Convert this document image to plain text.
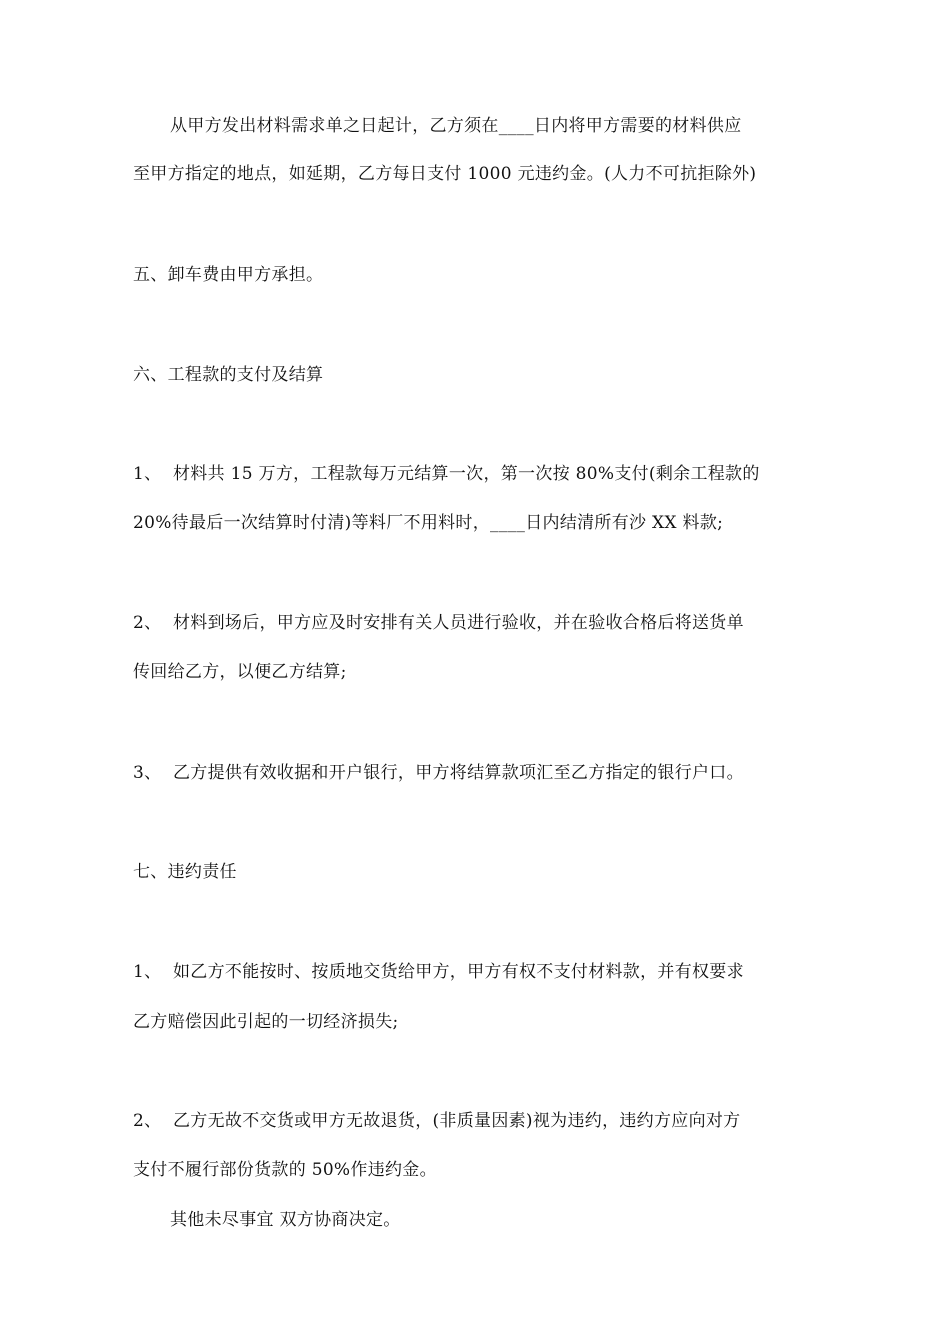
从甲方发出材料需求单之日起计，乙方须在____日内将甲方需要的材料供应
至甲方指定的地点，如延期，乙方每日支付 1000 元违约金。(人力不可抗拒除外)
五、卸车费由甲方承担。
六、工程款的支付及结算
1、 材料共 15 万方，工程款每万元结算一次，第一次按 80%支付(剩余工程款的
20%待最后一次结算时付清)等料厂不用料时，____日内结清所有沙 XX 料款;
2、 材料到场后，甲方应及时安排有关人员进行验收，并在验收合格后将送货单
传回给乙方，以便乙方结算;
3、 乙方提供有效收据和开户银行，甲方将结算款项汇至乙方指定的银行户口。
七、违约责任
1、 如乙方不能按时、按质地交货给甲方，甲方有权不支付材料款，并有权要求
乙方赔偿因此引起的一切经济损失;
2、 乙方无故不交货或甲方无故退货，(非质量因素)视为违约，违约方应向对方
支付不履行部份货款的 50%作违约金。
其他未尽事宜 双方协商决定。
